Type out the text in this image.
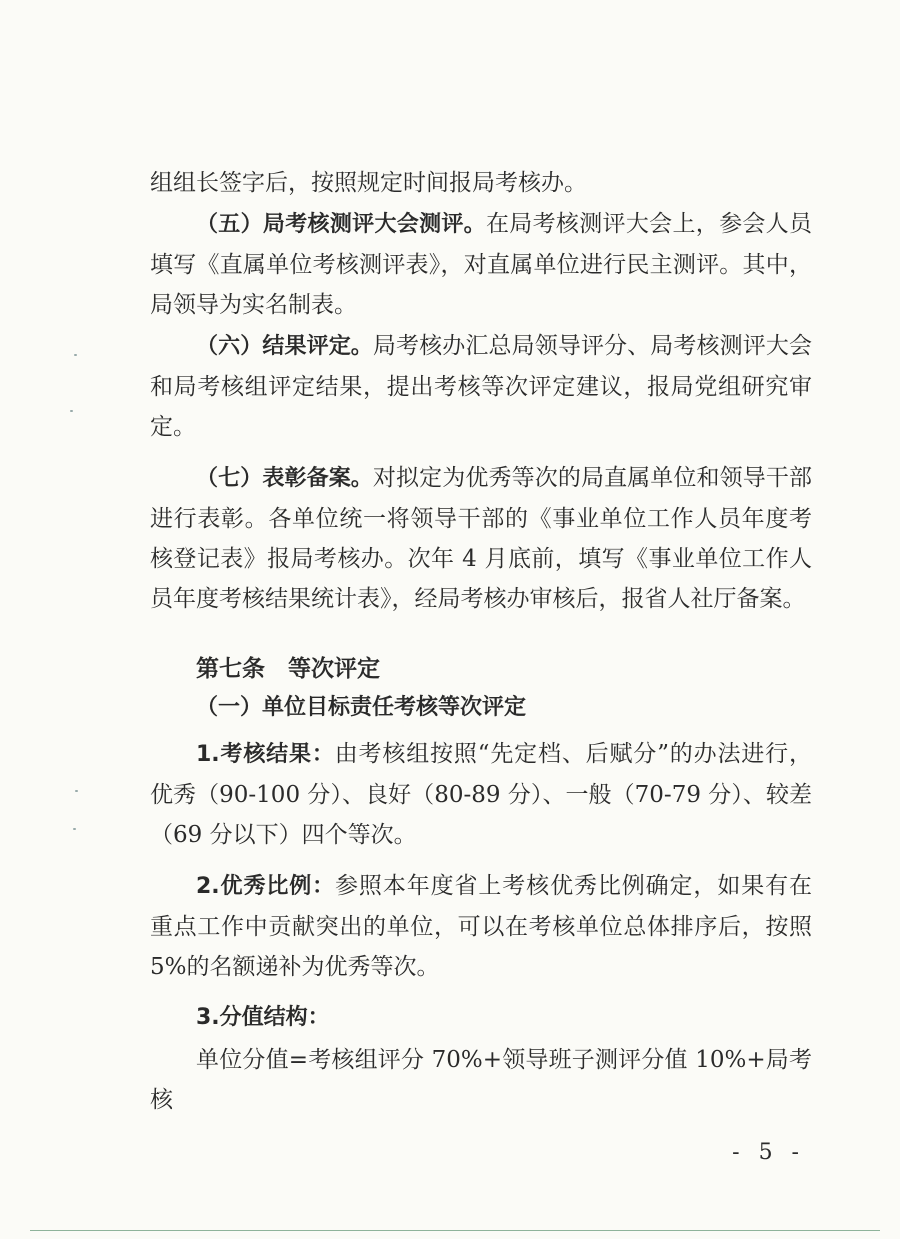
组组长签字后，按照规定时间报局考核办。

（五）局考核测评大会测评。在局考核测评大会上，参会人员填写《直属单位考核测评表》，对直属单位进行民主测评。其中，局领导为实名制表。

（六）结果评定。局考核办汇总局领导评分、局考核测评大会和局考核组评定结果，提出考核等次评定建议，报局党组研究审定。

（七）表彰备案。对拟定为优秀等次的局直属单位和领导干部进行表彰。各单位统一将领导干部的《事业单位工作人员年度考核登记表》报局考核办。次年 4 月底前，填写《事业单位工作人员年度考核结果统计表》，经局考核办审核后，报省人社厅备案。

第七条　等次评定
（一）单位目标责任考核等次评定

1.考核结果：由考核组按照“先定档、后赋分”的办法进行，优秀（90-100 分）、良好（80-89 分）、一般（70-79 分）、较差（69 分以下）四个等次。

2.优秀比例：参照本年度省上考核优秀比例确定，如果有在重点工作中贡献突出的单位，可以在考核单位总体排序后，按照 5%的名额递补为优秀等次。

3.分值结构：

单位分值=考核组评分 70%+领导班子测评分值 10%+局考核

- 5 -
